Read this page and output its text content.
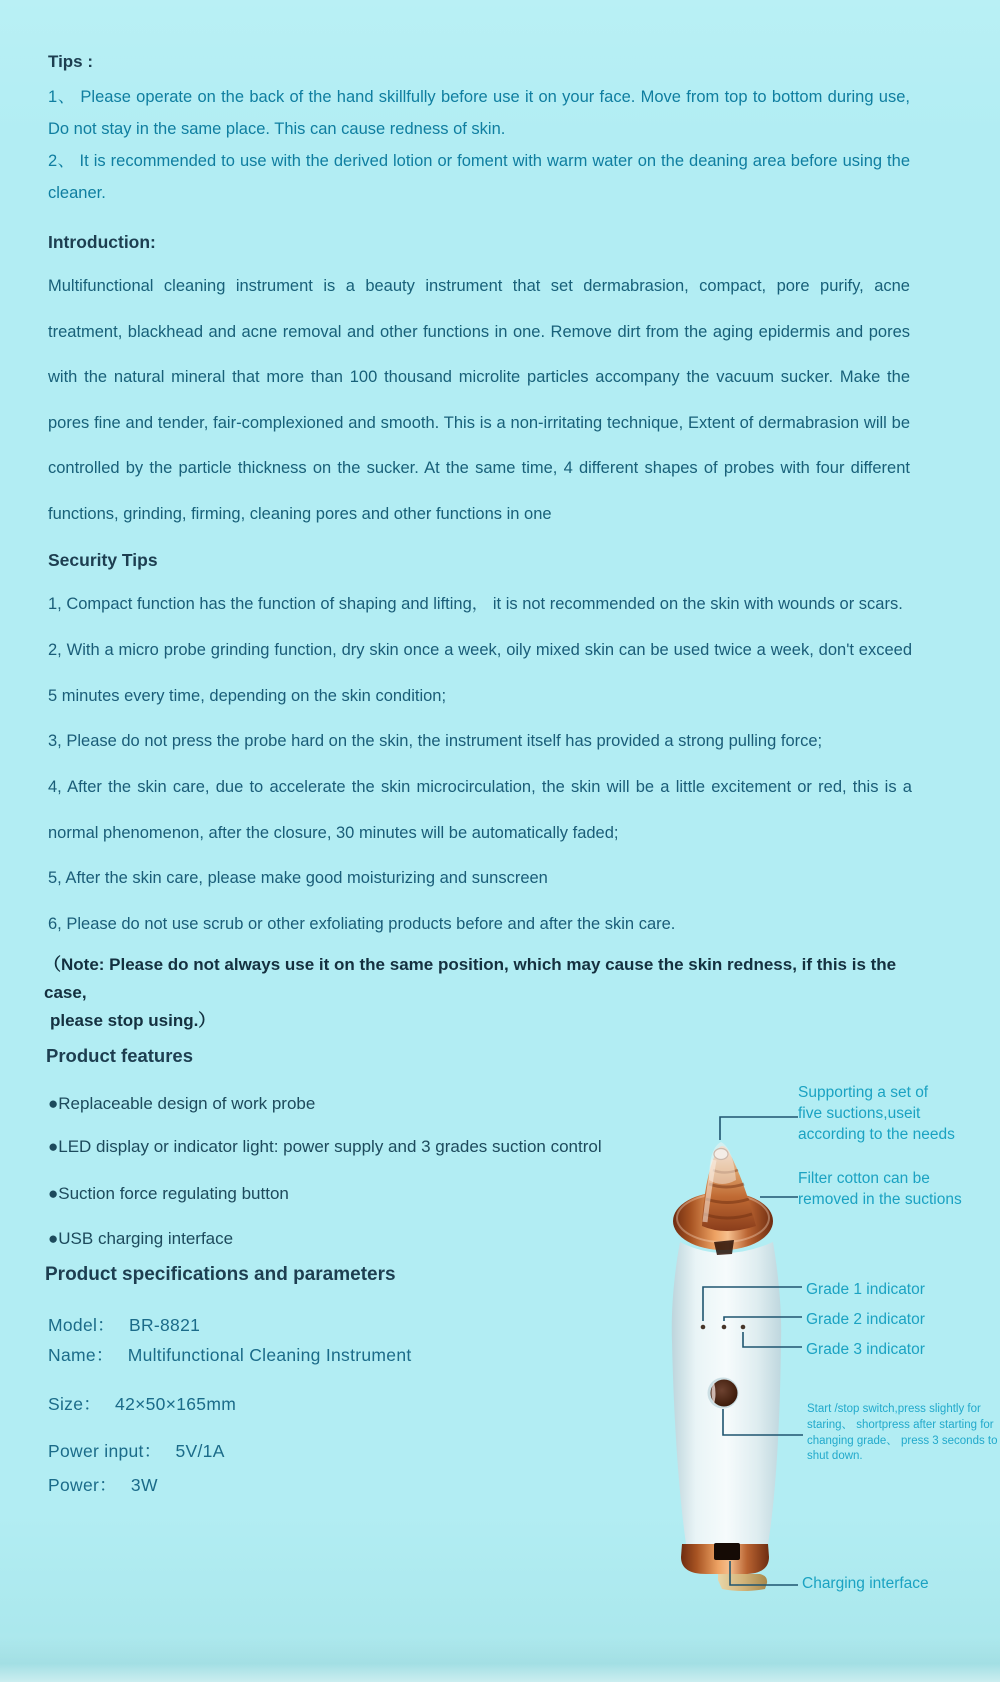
Tips :
1、 Please operate on the back of the hand skillfully before use it on your face. Move from top to bottom during use, Do not stay in the same place. This can cause redness of skin.
2、 It is recommended to use with the derived lotion or foment with warm water on the deaning area before using the cleaner.
Introduction:
Multifunctional cleaning instrument is a beauty instrument that set dermabrasion, compact, pore purify, acne treatment, blackhead and acne removal and other functions in one. Remove dirt from the aging epidermis and pores with the natural mineral that more than 100 thousand microlite particles accompany the vacuum sucker. Make the pores fine and tender, fair-complexioned and smooth. This is a non-irritating technique, Extent of dermabrasion will be controlled by the particle thickness on the sucker. At the same time, 4 different shapes of probes with four different functions, grinding, firming, cleaning pores and other functions in one
Security Tips
1, Compact function has the function of shaping and lifting， it is not recommended on the skin with wounds or scars.
2, With a micro probe grinding function, dry skin once a week, oily mixed skin can be used twice a week, don't exceed 5 minutes every time, depending on the skin condition;
3, Please do not press the probe hard on the skin, the instrument itself has provided a strong pulling force;
4, After the skin care, due to accelerate the skin microcirculation, the skin will be a little excitement or red, this is a normal phenomenon, after the closure, 30 minutes will be automatically faded;
5, After the skin care, please make good moisturizing and sunscreen
6, Please do not use scrub or other exfoliating products before and after the skin care.
（Note: Please do not always use it on the same position, which may cause the skin redness, if this is the case,
please stop using.）
Product features
●Replaceable design of work probe
●LED display or indicator light: power supply and 3 grades suction control
●Suction force regulating button
●USB charging interface
Product specifications and parameters
Model： BR-8821
Name： Multifunctional Cleaning Instrument
Size： 42×50×165mm
Power input： 5V/1A
Power： 3W
Supporting a set of five suctions,useit according to the needs
Filter cotton can be removed in the suctions
Grade 1 indicator
Grade 2 indicator
Grade 3 indicator
Start /stop switch,press slightly for staring、 shortpress after starting for changing grade、 press 3 seconds to shut down.
Charging interface
